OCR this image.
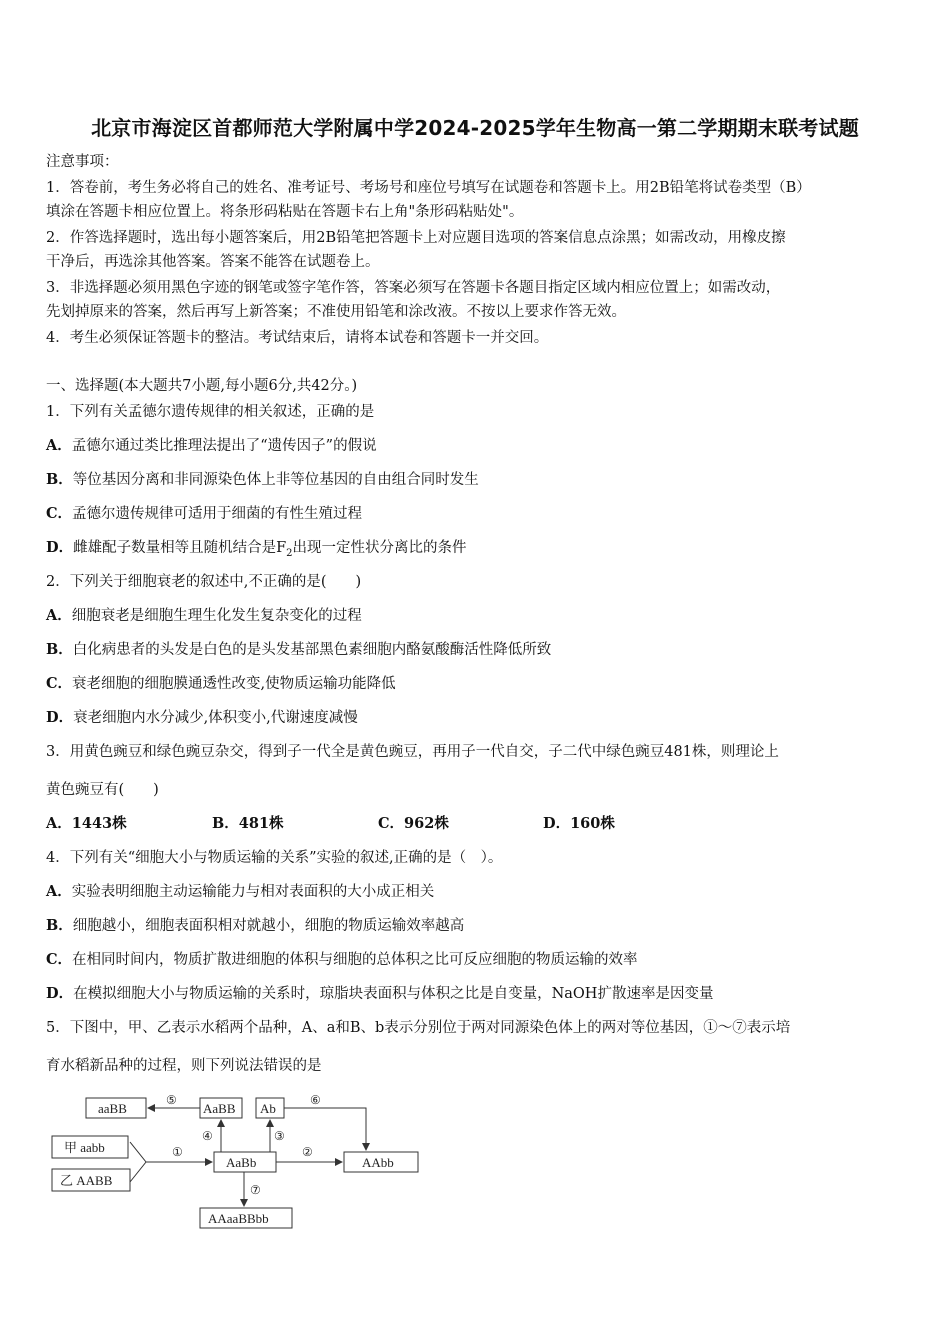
北京市海淀区首都师范大学附属中学2024-2025学年生物高一第二学期期末联考试题
注意事项：
1．答卷前，考生务必将自己的姓名、准考证号、考场号和座位号填写在试题卷和答题卡上。用2B铅笔将试卷类型（B）
填涂在答题卡相应位置上。将条形码粘贴在答题卡右上角"条形码粘贴处"。
2．作答选择题时，选出每小题答案后，用2B铅笔把答题卡上对应题目选项的答案信息点涂黑；如需改动，用橡皮擦
干净后，再选涂其他答案。答案不能答在试题卷上。
3．非选择题必须用黑色字迹的钢笔或签字笔作答，答案必须写在答题卡各题目指定区域内相应位置上；如需改动，
先划掉原来的答案，然后再写上新答案；不准使用铅笔和涂改液。不按以上要求作答无效。
4．考生必须保证答题卡的整洁。考试结束后，请将本试卷和答题卡一并交回。
一、选择题(本大题共7小题,每小题6分,共42分。)
1．下列有关孟德尔遗传规律的相关叙述，正确的是
A．孟德尔通过类比推理法提出了“遗传因子”的假说
B．等位基因分离和非同源染色体上非等位基因的自由组合同时发生
C．孟德尔遗传规律可适用于细菌的有性生殖过程
D．雌雄配子数量相等且随机结合是$F_2$出现一定性状分离比的条件
2．下列关于细胞衰老的叙述中,不正确的是(　　)
A．细胞衰老是细胞生理生化发生复杂变化的过程
B．白化病患者的头发是白色的是头发基部黑色素细胞内酪氨酸酶活性降低所致
C．衰老细胞的细胞膜通透性改变,使物质运输功能降低
D．衰老细胞内水分减少,体积变小,代谢速度减慢
3．用黄色豌豆和绿色豌豆杂交，得到子一代全是黄色豌豆，再用子一代自交，子二代中绿色豌豆481株，则理论上
黄色豌豆有(　　)
A．1443株	B．481株	C．962株	D．160株
4．下列有关“细胞大小与物质运输的关系”实验的叙述,正确的是（　）。
A．实验表明细胞主动运输能力与相对表面积的大小成正相关
B．细胞越小，细胞表面积相对就越小，细胞的物质运输效率越高
C．在相同时间内，物质扩散进细胞的体积与细胞的总体积之比可反应细胞的物质运输的效率
D．在模拟细胞大小与物质运输的关系时，琼脂块表面积与体积之比是自变量，NaOH扩散速率是因变量
5．下图中，甲、乙表示水稻两个品种，A、a和B、b表示分别位于两对同源染色体上的两对等位基因，①～⑦表示培
育水稻新品种的过程，则下列说法错误的是
aaBB	AaBB Ab
甲 aabb
乙 AABB
AaBb	AAbb
AAaaBBbb
①	②
③
④
⑤	⑥
⑦
